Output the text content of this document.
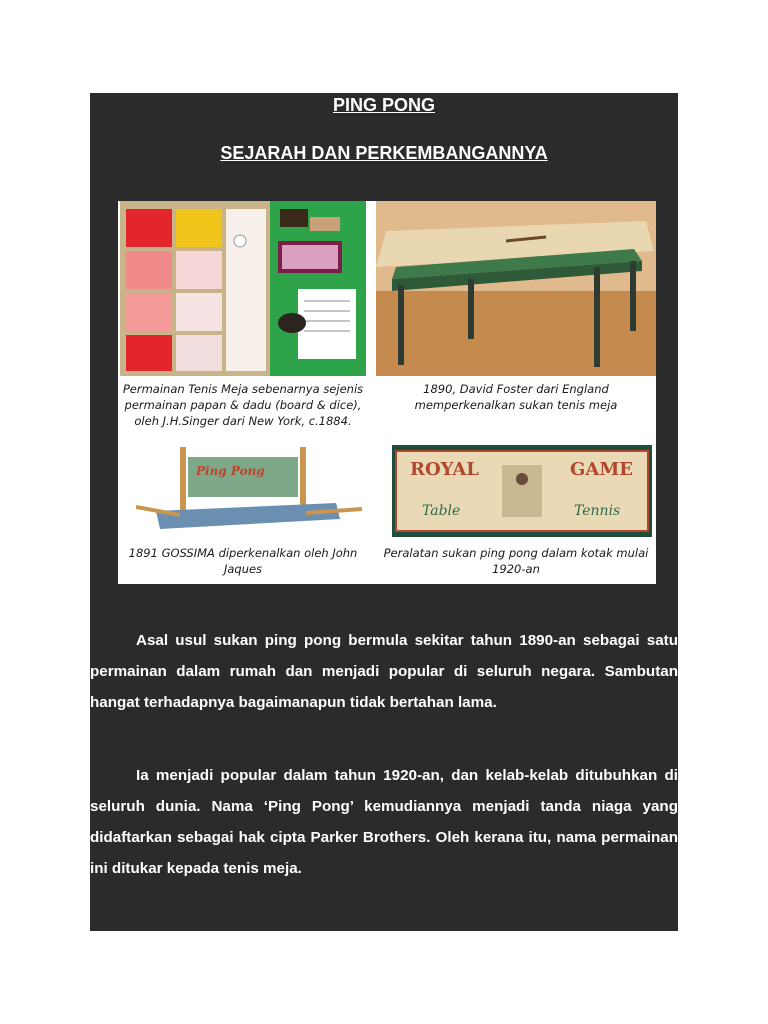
PING PONG
SEJARAH DAN PERKEMBANGANNYA
Permainan Tenis Meja sebenarnya sejenis permainan papan & dadu (board & dice), oleh J.H.Singer dari New York, c.1884.
1890, David Foster dari England memperkenalkan sukan tenis meja
Ping Pong	ROYAL	GAME
Table	Tennis
1891 GOSSIMA diperkenalkan oleh John Jaques
Peralatan sukan ping pong dalam kotak mulai 1920-an

Asal usul sukan ping pong bermula sekitar tahun 1890-an sebagai satu permainan dalam rumah dan menjadi popular di seluruh negara. Sambutan hangat terhadapnya bagaimanapun tidak bertahan lama.

Ia menjadi popular dalam tahun 1920-an, dan kelab-kelab ditubuhkan di seluruh dunia. Nama ‘Ping Pong’ kemudiannya menjadi tanda niaga yang didaftarkan sebagai hak cipta Parker Brothers. Oleh kerana itu, nama permainan ini ditukar kepada tenis meja.
